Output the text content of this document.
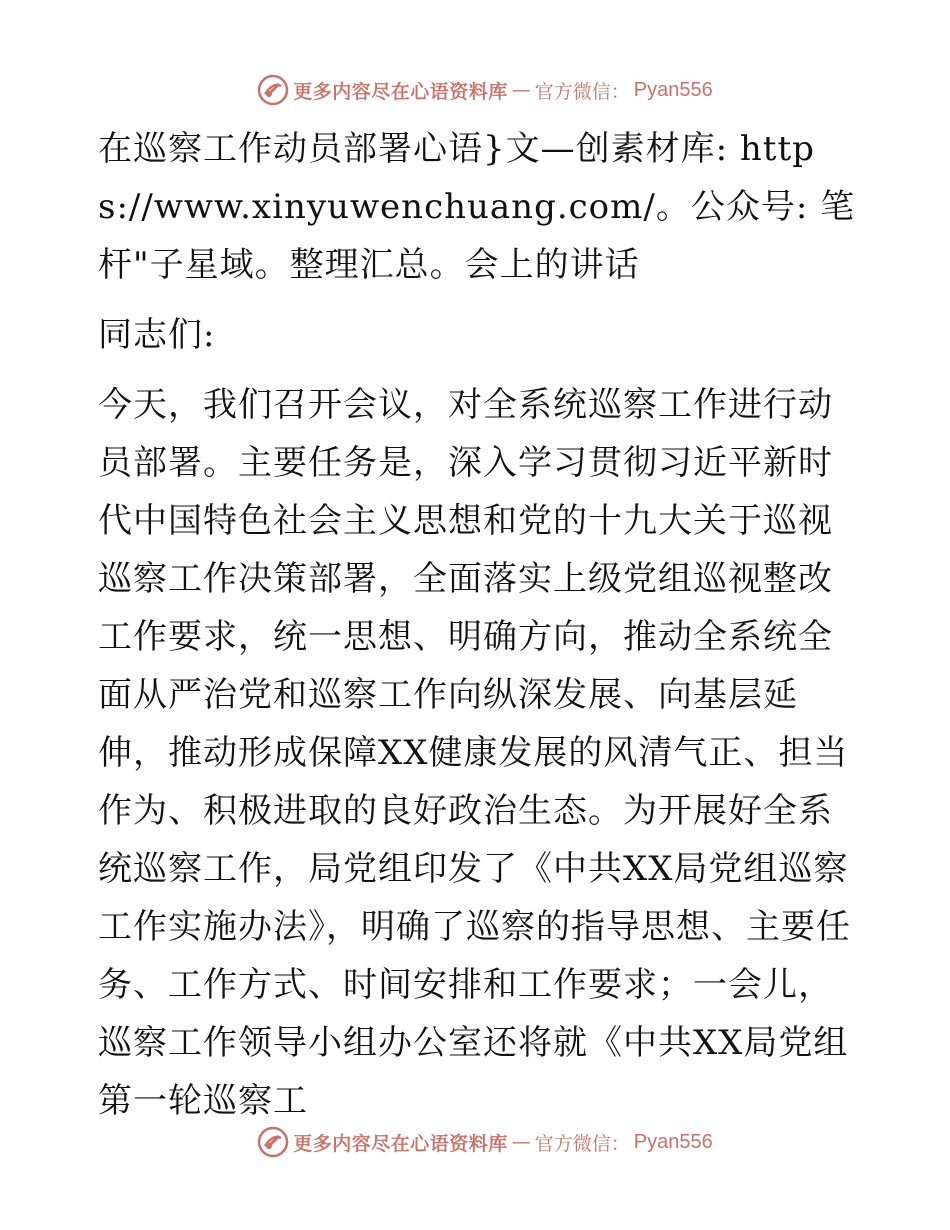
更多内容尽在心语资料库 — 官方微信： Pyan556

在巡察工作动员部署心语}文—创素材库: https://www.xinyuwenchuang.com/。公众号: 笔杆"子星域。整理汇总。会上的讲话

同志们:

今天，我们召开会议，对全系统巡察工作进行动员部署。主要任务是，深入学习贯彻习近平新时代中国特色社会主义思想和党的十九大关于巡视巡察工作决策部署，全面落实上级党组巡视整改工作要求，统一思想、明确方向，推动全系统全面从严治党和巡察工作向纵深发展、向基层延伸，推动形成保障XX健康发展的风清气正、担当作为、积极进取的良好政治生态。为开展好全系统巡察工作，局党组印发了《中共XX局党组巡察工作实施办法》，明确了巡察的指导思想、主要任务、工作方式、时间安排和工作要求；一会儿，巡察工作领导小组办公室还将就《中共XX局党组第一轮巡察工

更多内容尽在心语资料库 — 官方微信： Pyan556
